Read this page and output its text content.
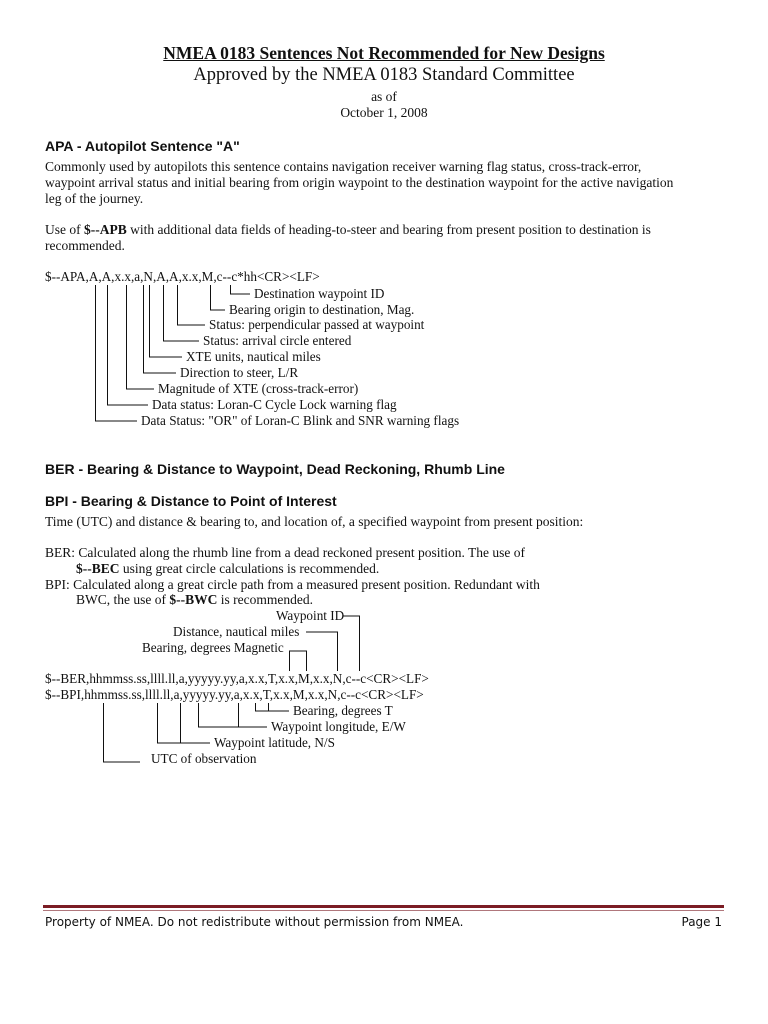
NMEA 0183 Sentences Not Recommended for New Designs
Approved by the NMEA 0183 Standard Committee
as of
October 1, 2008
APA - Autopilot Sentence "A"
Commonly used by autopilots this sentence contains navigation receiver warning flag status, cross-track-error, waypoint arrival status and initial bearing from origin waypoint to the destination waypoint for the active navigation leg of the journey.
Use of $--APB with additional data fields of heading-to-steer and bearing from present position to destination is recommended.
$--APA,A,A,x.x,a,N,A,A,x.x,M,c--c*hh<CR><LF>
Destination waypoint ID
Bearing origin to destination, Mag.
Status: perpendicular passed at waypoint
Status: arrival circle entered
XTE units, nautical miles
Direction to steer, L/R
Magnitude of XTE (cross-track-error)
Data status: Loran-C Cycle Lock warning flag
Data Status: "OR" of Loran-C Blink and SNR warning flags
BER - Bearing & Distance to Waypoint, Dead Reckoning, Rhumb Line
BPI - Bearing & Distance to Point of Interest
Time (UTC) and distance & bearing to, and location of, a specified waypoint from present position:
BER: Calculated along the rhumb line from a dead reckoned present position. The use of
$--BEC using great circle calculations is recommended.
BPI: Calculated along a great circle path from a measured present position. Redundant with
BWC, the use of $--BWC is recommended.
Waypoint ID
Distance, nautical miles
Bearing, degrees Magnetic
$--BER,hhmmss.ss,llll.ll,a,yyyyy.yy,a,x.x,T,x.x,M,x.x,N,c--c<CR><LF>
$--BPI,hhmmss.ss,llll.ll,a,yyyyy.yy,a,x.x,T,x.x,M,x.x,N,c--c<CR><LF>
Bearing, degrees T
Waypoint longitude, E/W
Waypoint latitude, N/S
UTC of observation
Property of NMEA. Do not redistribute without permission from NMEA.	Page 1
